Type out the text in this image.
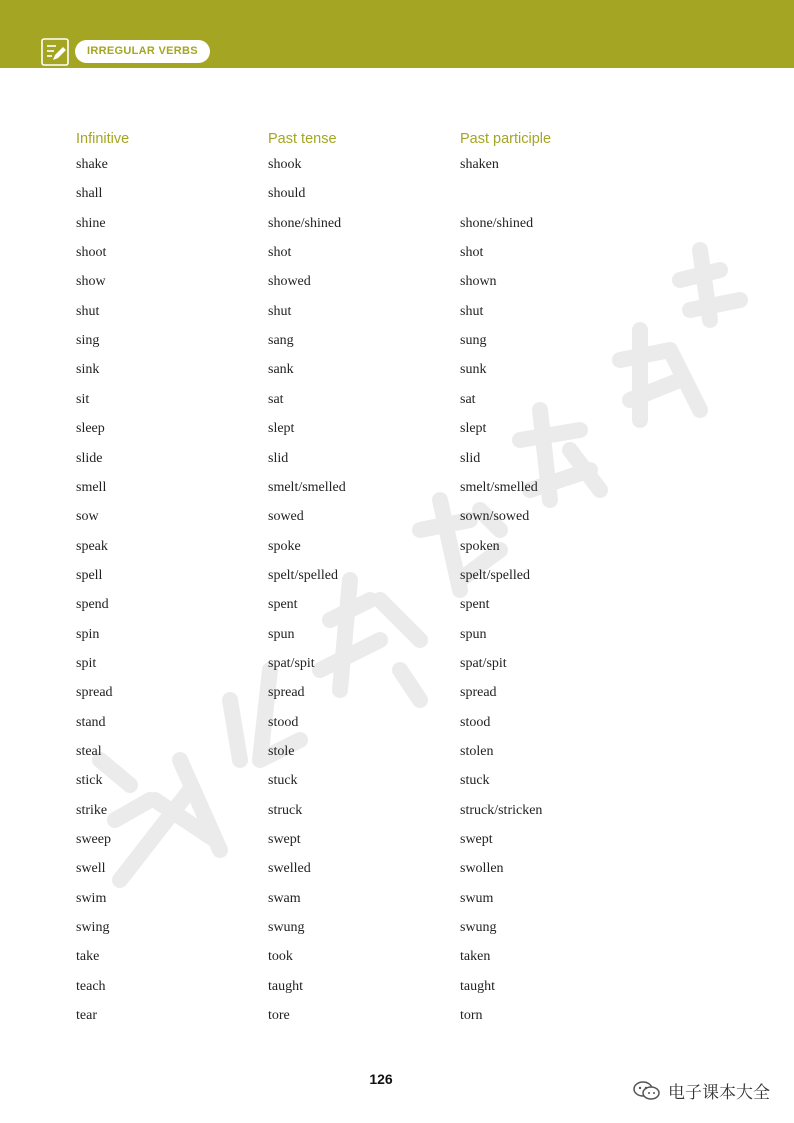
IRREGULAR VERBS
Infinitive	Past tense	Past participle
shake	shook	shaken
shall	should
shine	shone/shined	shone/shined
shoot	shot	shot
show	showed	shown
shut	shut	shut
sing	sang	sung
sink	sank	sunk
sit	sat	sat
sleep	slept	slept
slide	slid	slid
smell	smelt/smelled	smelt/smelled
sow	sowed	sown/sowed
speak	spoke	spoken
spell	spelt/spelled	spelt/spelled
spend	spent	spent
spin	spun	spun
spit	spat/spit	spat/spit
spread	spread	spread
stand	stood	stood
steal	stole	stolen
stick	stuck	stuck
strike	struck	struck/stricken
sweep	swept	swept
swell	swelled	swollen
swim	swam	swum
swing	swung	swung
take	took	taken
teach	taught	taught
tear	tore	torn
126
电子课本大全
